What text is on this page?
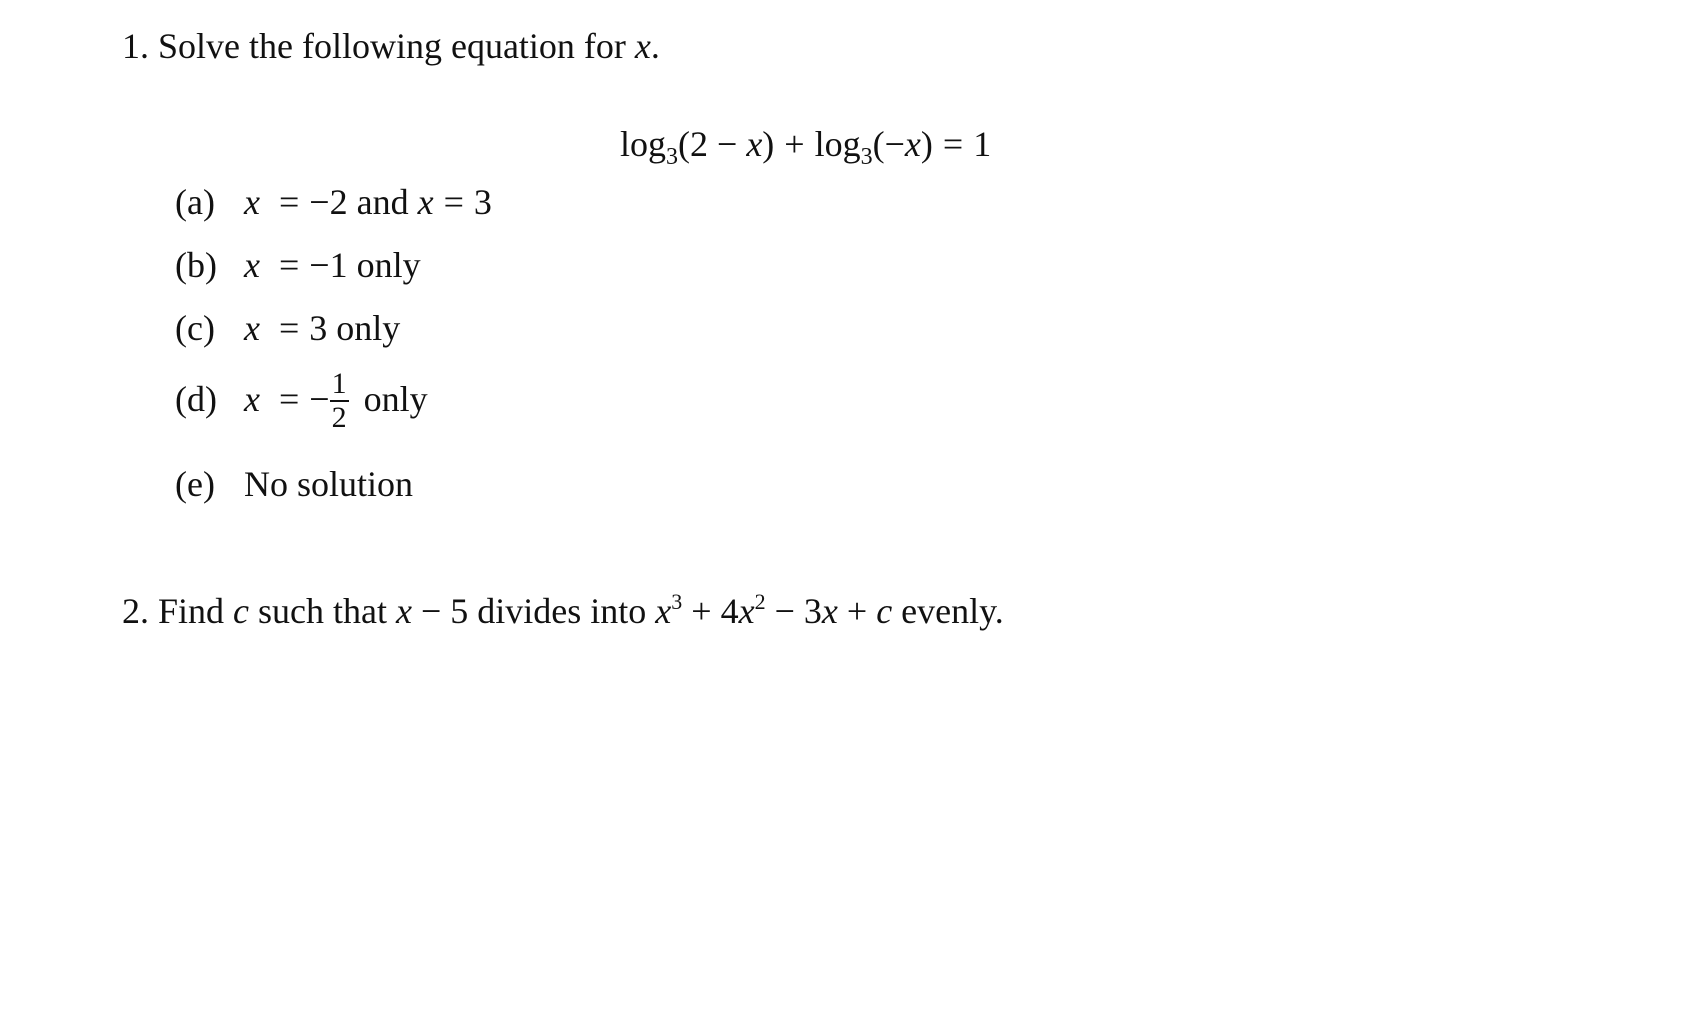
1. Solve the following equation for x.
$\log_3(2 - x) + \log_3(-x) = 1$
(a) x = −2 and x = 3
(b) x = −1 only
(c) x = 3 only
(d) x = − $\frac{1}{2}$ only
(e) No solution
2. Find c such that x − 5 divides into $x^3 + 4x^2 - 3x + c$ evenly.
